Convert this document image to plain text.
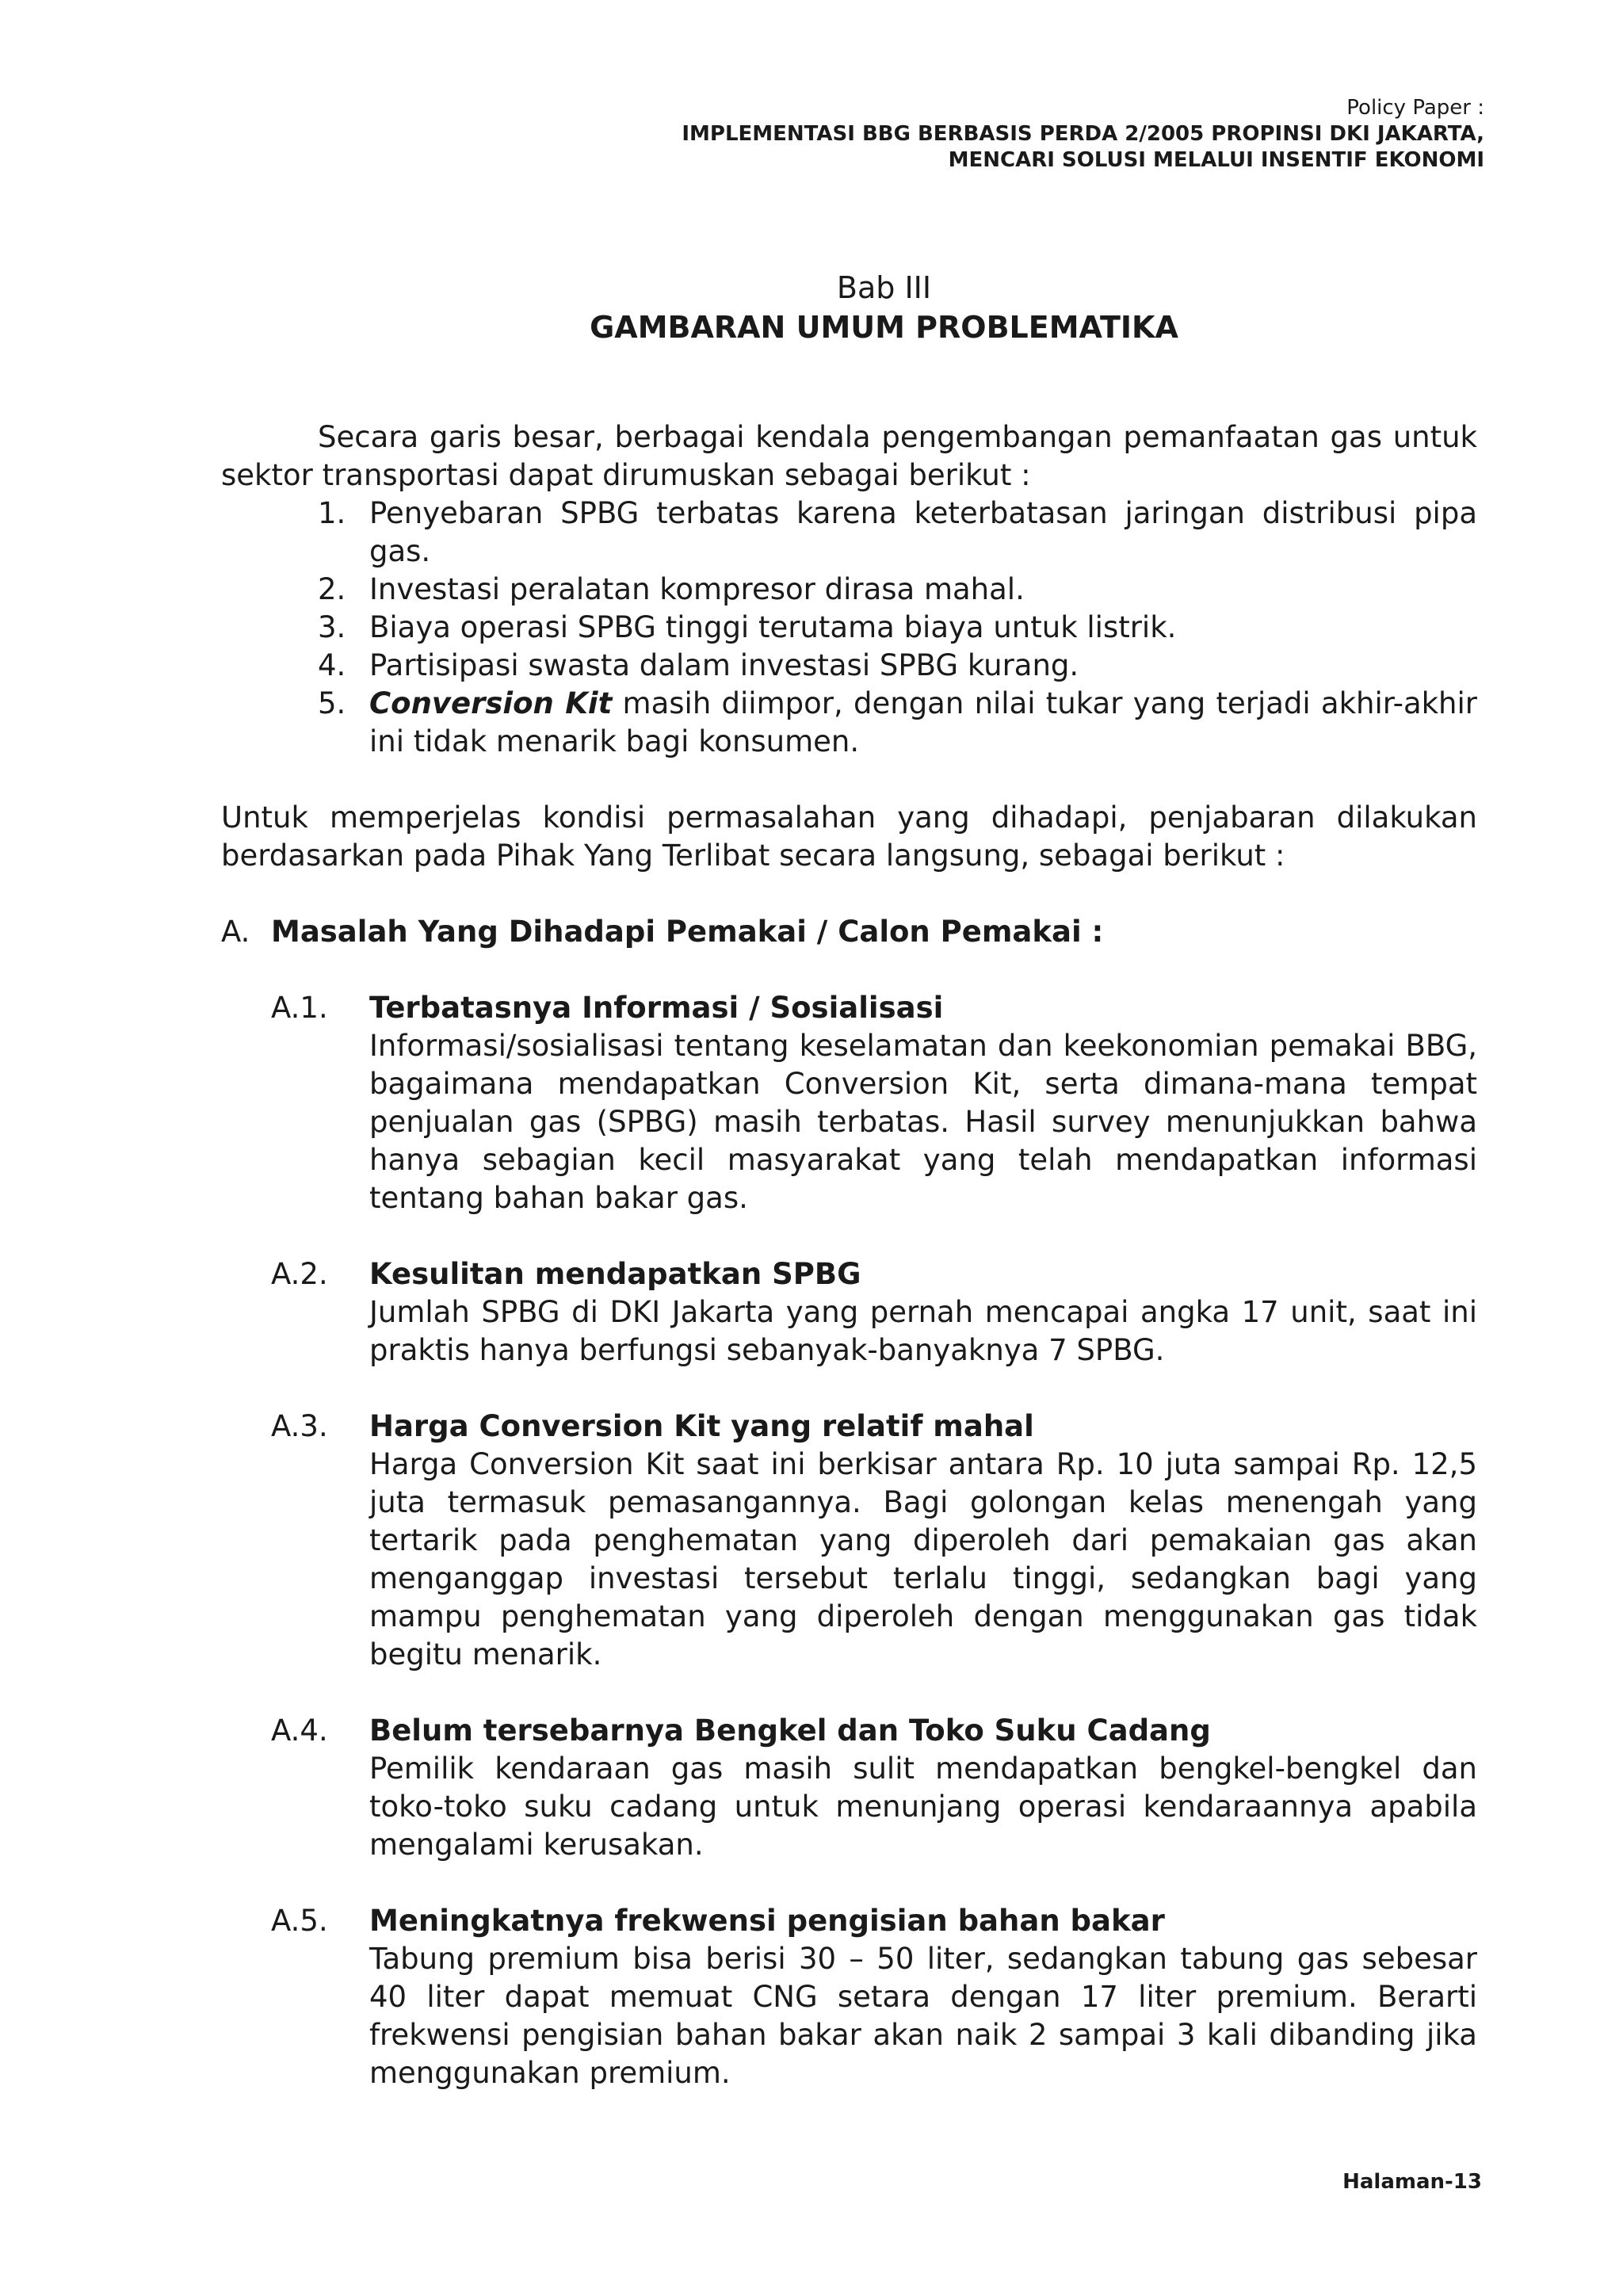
Policy Paper :
IMPLEMENTASI BBG BERBASIS PERDA 2/2005 PROPINSI DKI JAKARTA,
MENCARI SOLUSI MELALUI INSENTIF EKONOMI
Bab III
GAMBARAN UMUM PROBLEMATIKA

Secara garis besar, berbagai kendala pengembangan pemanfaatan gas untuk sektor transportasi dapat dirumuskan sebagai berikut :

1. Penyebaran SPBG terbatas karena keterbatasan jaringan distribusi pipa gas.
2. Investasi peralatan kompresor dirasa mahal.
3. Biaya operasi SPBG tinggi terutama biaya untuk listrik.
4. Partisipasi swasta dalam investasi SPBG kurang.
5. Conversion Kit masih diimpor, dengan nilai tukar yang terjadi akhir-akhir ini tidak menarik bagi konsumen.

Untuk memperjelas kondisi permasalahan yang dihadapi, penjabaran dilakukan berdasarkan pada Pihak Yang Terlibat secara langsung, sebagai berikut :

A. Masalah Yang Dihadapi Pemakai / Calon Pemakai :
A.1. Terbatasnya Informasi / Sosialisasi

Informasi/sosialisasi tentang keselamatan dan keekonomian pemakai BBG, bagaimana mendapatkan Conversion Kit, serta dimana-mana tempat penjualan gas (SPBG) masih terbatas. Hasil survey menunjukkan bahwa hanya sebagian kecil masyarakat yang telah mendapatkan informasi tentang bahan bakar gas.

A.2. Kesulitan mendapatkan SPBG

Jumlah SPBG di DKI Jakarta yang pernah mencapai angka 17 unit, saat ini praktis hanya berfungsi sebanyak-banyaknya 7 SPBG.

A.3. Harga Conversion Kit yang relatif mahal

Harga Conversion Kit saat ini berkisar antara Rp. 10 juta sampai Rp. 12,5 juta termasuk pemasangannya. Bagi golongan kelas menengah yang tertarik pada penghematan yang diperoleh dari pemakaian gas akan menganggap investasi tersebut terlalu tinggi, sedangkan bagi yang mampu penghematan yang diperoleh dengan menggunakan gas tidak begitu menarik.

A.4. Belum tersebarnya Bengkel dan Toko Suku Cadang

Pemilik kendaraan gas masih sulit mendapatkan bengkel-bengkel dan toko-toko suku cadang untuk menunjang operasi kendaraannya apabila mengalami kerusakan.

A.5. Meningkatnya frekwensi pengisian bahan bakar

Tabung premium bisa berisi 30 – 50 liter, sedangkan tabung gas sebesar 40 liter dapat memuat CNG setara dengan 17 liter premium. Berarti frekwensi pengisian bahan bakar akan naik 2 sampai 3 kali dibanding jika menggunakan premium.

Halaman-13
